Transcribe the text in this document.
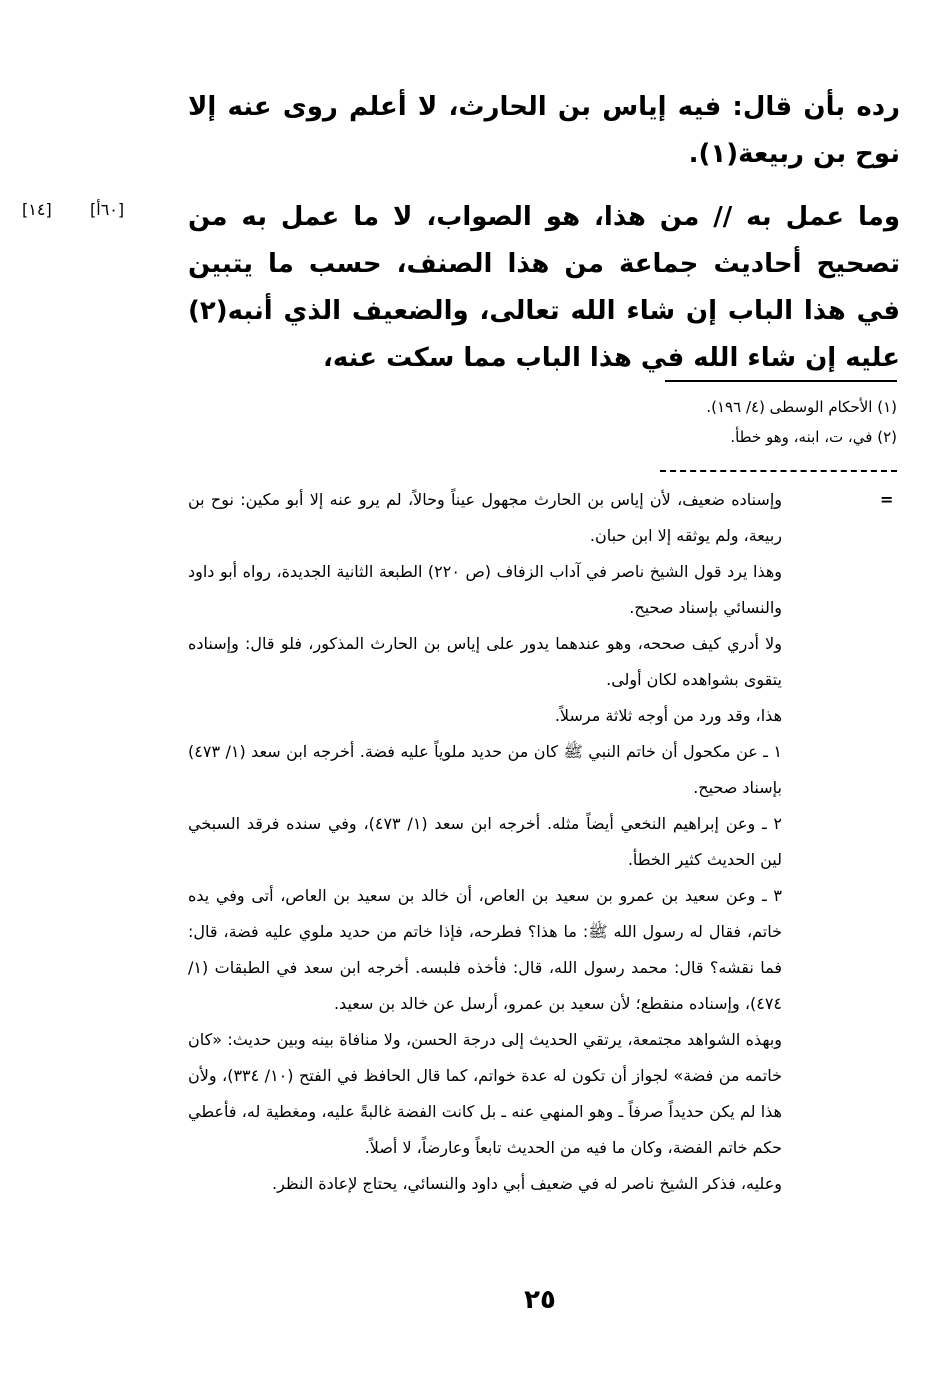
رده بأن قال: فيه إياس بن الحارث، لا أعلم روى عنه إلا نوح بن ربيعة(١).

وما عمل به // من هذا، هو الصواب، لا ما عمل به من تصحيح أحاديث جماعة من هذا الصنف، حسب ما يتبين في هذا الباب إن شاء الله تعالى، والضعيف الذي أنبه(٢) عليه إن شاء الله في هذا الباب مما سكت عنه،

[٦٠أ]
[١٤]

(١) الأحكام الوسطى (٤/ ١٩٦).

(٢) في، ت، ابنه، وهو خطأ.

=

وإسناده ضعيف، لأن إياس بن الحارث مجهول عيناً وحالاً، لم يرو عنه إلا أبو مكين: نوح بن ربيعة، ولم يوثقه إلا ابن حبان.

وهذا يرد قول الشيخ ناصر في آداب الزفاف (ص ٢٢٠) الطبعة الثانية الجديدة، رواه أبو داود والنسائي بإسناد صحيح.

ولا أدري كيف صححه، وهو عندهما يدور على إياس بن الحارث المذكور، فلو قال: وإسناده يتقوى بشواهده لكان أولى.

هذا، وقد ورد من أوجه ثلاثة مرسلاً.

١ ـ عن مكحول أن خاتم النبي ﷺ كان من حديد ملوياً عليه فضة. أخرجه ابن سعد (١/ ٤٧٣) بإسناد صحيح.

٢ ـ وعن إبراهيم النخعي أيضاً مثله. أخرجه ابن سعد (١/ ٤٧٣)، وفي سنده فرقد السبخي لين الحديث كثير الخطأ.

٣ ـ وعن سعيد بن عمرو بن سعيد بن العاص، أن خالد بن سعيد بن العاص، أتى وفي يده خاتم، فقال له رسول الله ﷺ: ما هذا؟ فطرحه، فإذا خاتم من حديد ملوي عليه فضة، قال: فما نقشه؟ قال: محمد رسول الله، قال: فأخذه فلبسه. أخرجه ابن سعد في الطبقات (١/ ٤٧٤)، وإسناده منقطع؛ لأن سعيد بن عمرو، أرسل عن خالد بن سعيد.

وبهذه الشواهد مجتمعة، يرتقي الحديث إلى درجة الحسن، ولا منافاة بينه وبين حديث: «كان خاتمه من فضة» لجواز أن تكون له عدة خواتم، كما قال الحافظ في الفتح (١٠/ ٣٣٤)، ولأن هذا لم يكن حديداً صرفاً ـ وهو المنهي عنه ـ بل كانت الفضة غالبةً عليه، ومغطية له، فأعطي حكم خاتم الفضة، وكان ما فيه من الحديث تابعاً وعارضاً، لا أصلاً.

وعليه، فذكر الشيخ ناصر له في ضعيف أبي داود والنسائي، يحتاج لإعادة النظر.

٢٥
